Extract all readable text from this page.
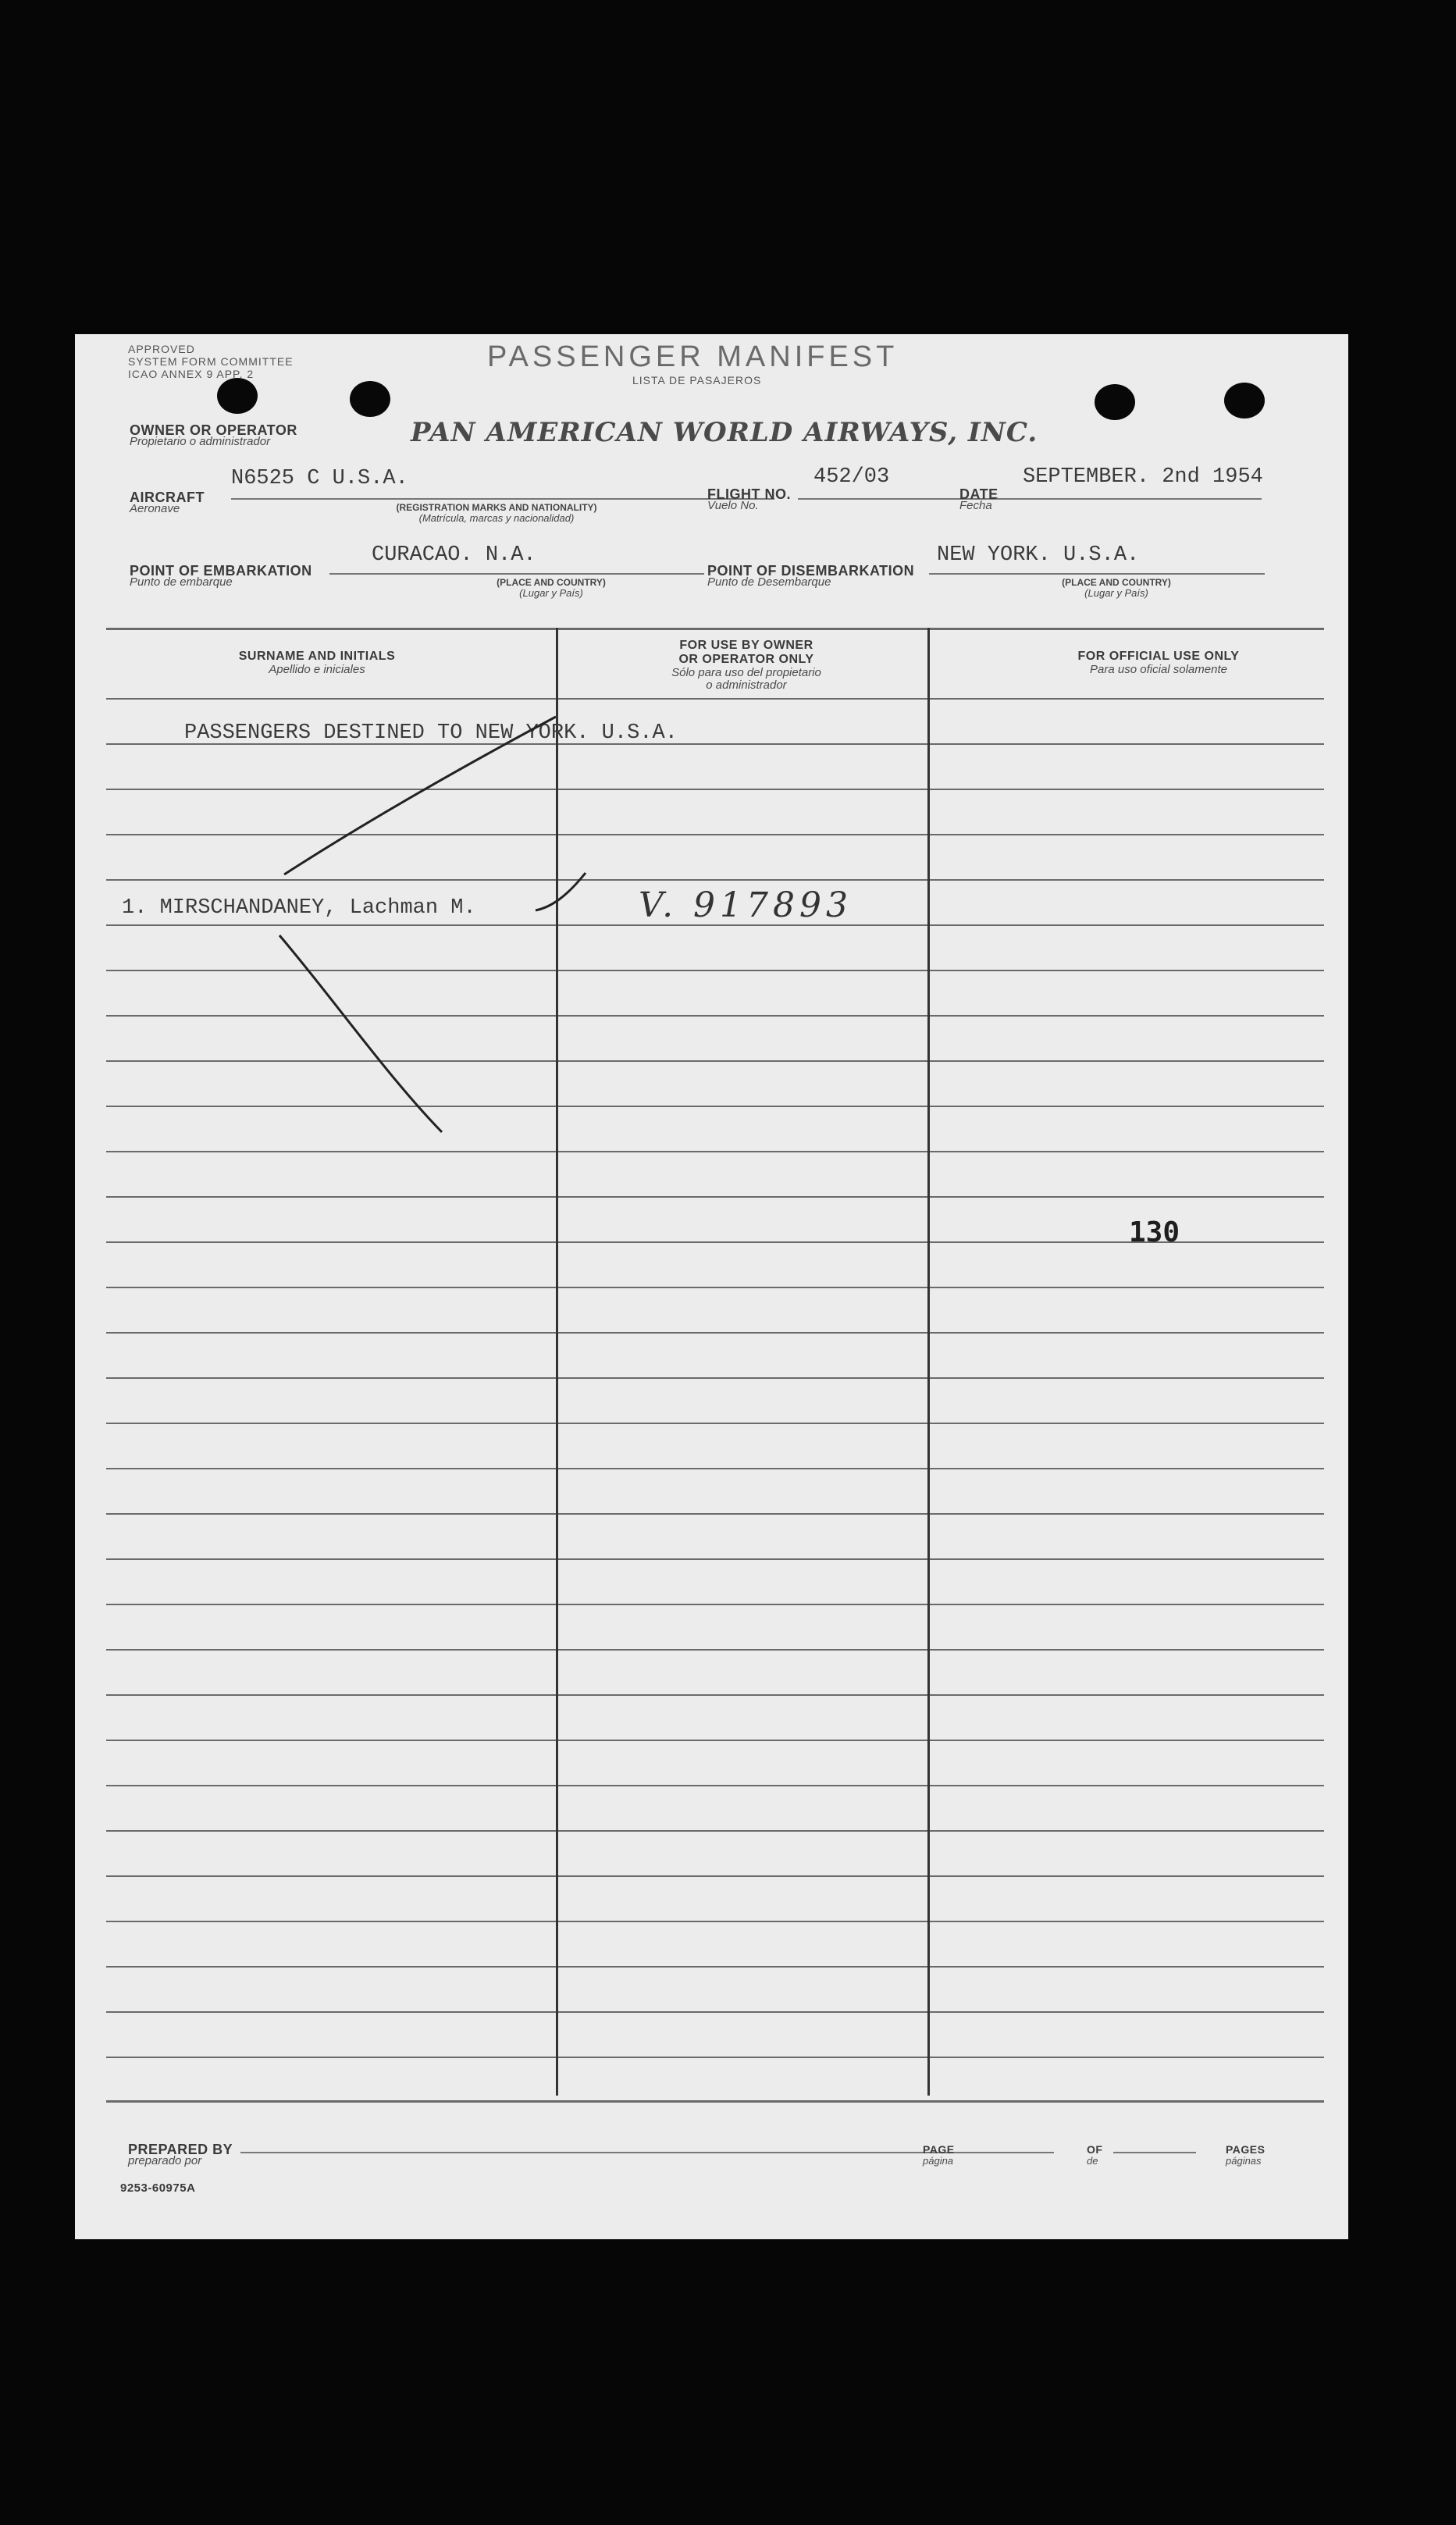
APPROVED
SYSTEM FORM COMMITTEE
ICAO ANNEX 9 APP. 2
PASSENGER MANIFEST
LISTA DE PASAJEROS
OWNER OR OPERATOR
Propietario o administrador	PAN AMERICAN WORLD AIRWAYS, INC.
AIRCRAFT
Aeronave
N6525 C U.S.A.
(REGISTRATION MARKS AND NATIONALITY)
(Matrícula, marcas y nacionalidad)
FLIGHT NO.
Vuelo No.
452/03
DATE
Fecha
SEPTEMBER. 2nd 1954
POINT OF EMBARKATION
Punto de embarque
CURACAO. N.A.
(PLACE AND COUNTRY)
(Lugar y País)
POINT OF DISEMBARKATION
Punto de Desembarque
NEW YORK. U.S.A.
(PLACE AND COUNTRY)
(Lugar y País)
SURNAME AND INITIALS
Apellido e iniciales
FOR USE BY OWNER
OR OPERATOR ONLY
Sólo para uso del propietario
o administrador
FOR OFFICIAL USE ONLY
Para uso oficial solamente
PASSENGERS DESTINED TO NEW YORK. U.S.A.
1. MIRSCHANDANEY, Lachman M.	V. 917893
130
PREPARED BY
preparado por
PAGE
página
OF
de
PAGES
páginas
9253-60975A
